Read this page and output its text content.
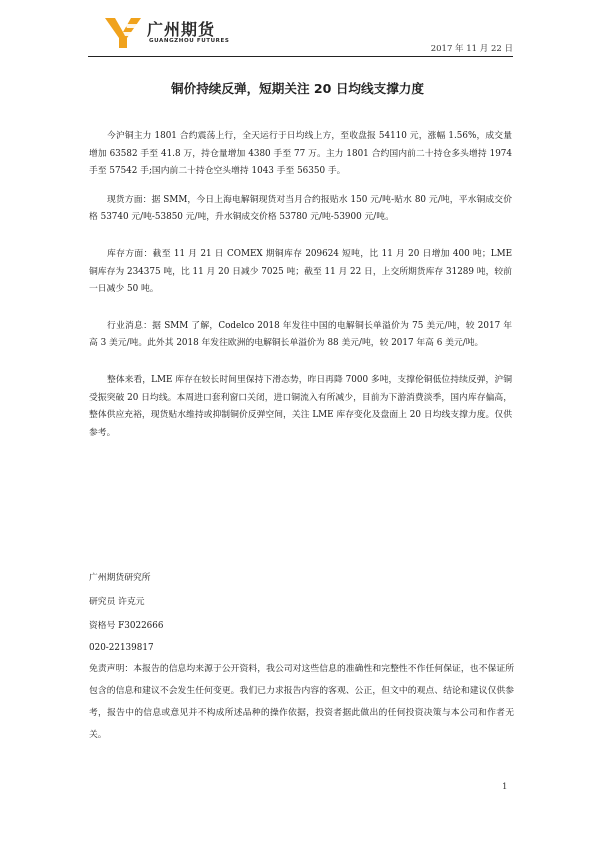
广州期货
GUANGZHOU FUTURES
2017 年 11 月 22 日
铜价持续反弹，短期关注 20 日均线支撑力度

今沪铜主力 1801 合约震荡上行，全天运行于日均线上方，至收盘报 54110 元，涨幅 1.56%，成交量增加 63582 手至 41.8 万，持仓量增加 4380 手至 77 万。主力 1801 合约国内前二十持仓多头增持 1974 手至 57542 手;国内前二十持仓空头增持 1043 手至 56350 手。

现货方面：据 SMM，今日上海电解铜现货对当月合约报贴水 150 元/吨-贴水 80 元/吨，平水铜成交价格 53740 元/吨-53850 元/吨，升水铜成交价格 53780 元/吨-53900 元/吨。

库存方面：截至 11 月 21 日 COMEX 期铜库存 209624 短吨，比 11 月 20 日增加 400 吨；LME 铜库存为 234375 吨，比 11 月 20 日减少 7025 吨；截至 11 月 22 日，上交所期货库存 31289 吨，较前一日减少 50 吨。

行业消息：据 SMM 了解，Codelco 2018 年发往中国的电解铜长单溢价为 75 美元/吨，较 2017 年高 3 美元/吨。此外其 2018 年发往欧洲的电解铜长单溢价为 88 美元/吨，较 2017 年高 6 美元/吨。

整体来看，LME 库存在较长时间里保持下滑态势，昨日再降 7000 多吨，支撑伦铜低位持续反弹，沪铜受振突破 20 日均线。本周进口套利窗口关闭，进口铜流入有所减少，目前为下游消费淡季，国内库存偏高，整体供应充裕，现货贴水维持或抑制铜价反弹空间，关注 LME 库存变化及盘面上 20 日均线支撑力度。仅供参考。

广州期货研究所

研究员 许克元

资格号 F3022666

020-22139817

免责声明：本报告的信息均来源于公开资料，我公司对这些信息的准确性和完整性不作任何保证，也不保证所包含的信息和建议不会发生任何变更。我们已力求报告内容的客观、公正，但文中的观点、结论和建议仅供参考，报告中的信息或意见并不构成所述品种的操作依据，投资者据此做出的任何投资决策与本公司和作者无关。

1
